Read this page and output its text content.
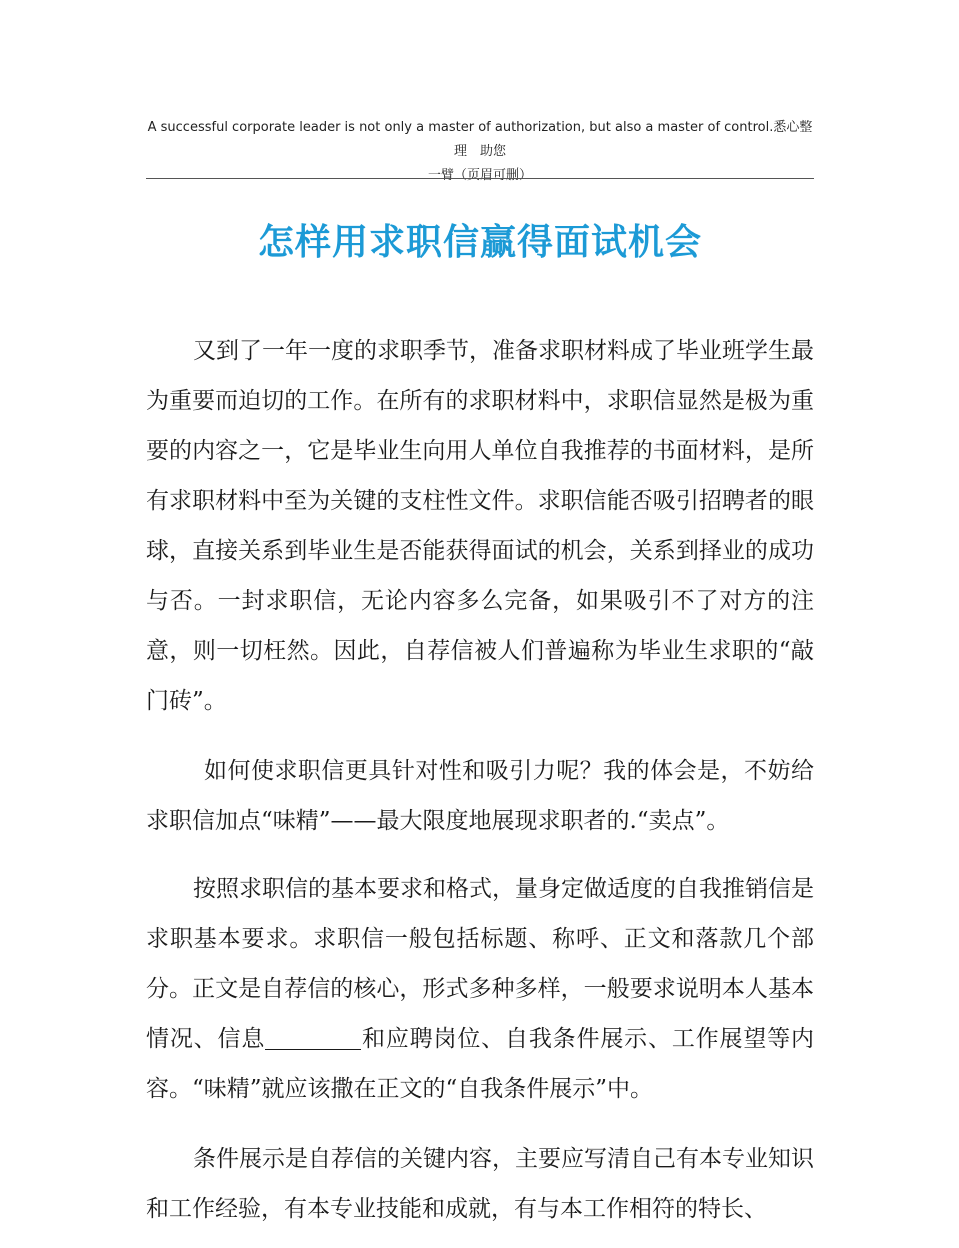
A successful corporate leader is not only a master of authorization, but also a master of control.悉心整理　助您
一臂（页眉可删）
怎样用求职信赢得面试机会

又到了一年一度的求职季节，准备求职材料成了毕业班学生最为重要而迫切的工作。在所有的求职材料中，求职信显然是极为重要的内容之一，它是毕业生向用人单位自我推荐的书面材料，是所有求职材料中至为关键的支柱性文件。求职信能否吸引招聘者的眼球，直接关系到毕业生是否能获得面试的机会，关系到择业的成功与否。一封求职信，无论内容多么完备，如果吸引不了对方的注意，则一切枉然。因此，自荐信被人们普遍称为毕业生求职的“敲门砖”。

如何使求职信更具针对性和吸引力呢？我的体会是，不妨给求职信加点“味精”——最大限度地展现求职者的.“卖点”。

按照求职信的基本要求和格式，量身定做适度的自我推销信是求职基本要求。求职信一般包括标题、称呼、正文和落款几个部分。正文是自荐信的核心，形式多种多样，一般要求说明本人基本情况、信息	和应聘岗位、自我条件展示、工作展望等内容。“味精”就应该撒在正文的“自我条件展示”中。

条件展示是自荐信的关键内容，主要应写清自己有本专业知识和工作经验，有本专业技能和成就，有与本工作相符的特长、
